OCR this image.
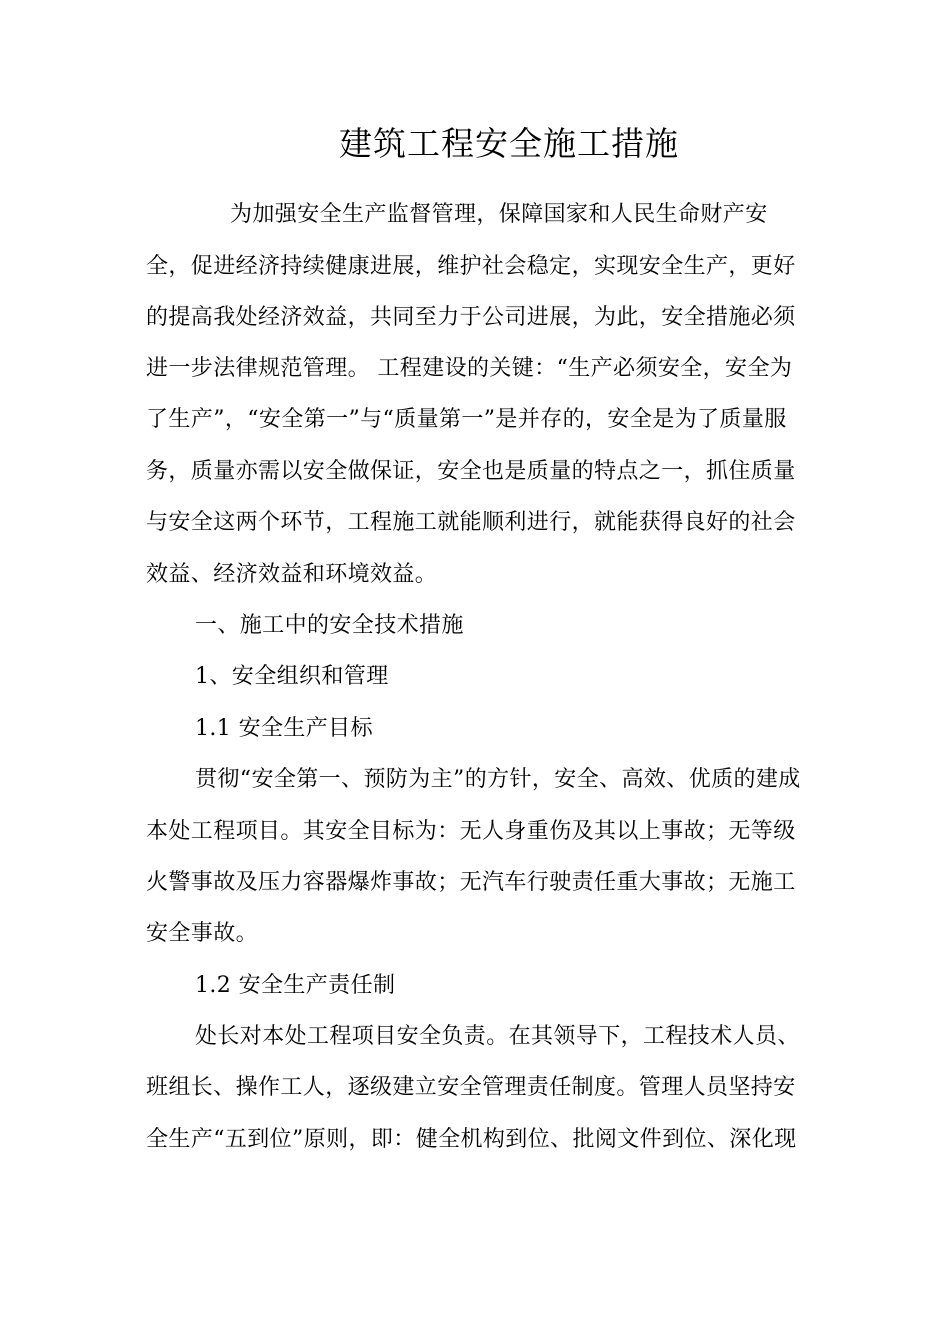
建筑工程安全施工措施
为加强安全生产监督管理，保障国家和人民生命财产安
全，促进经济持续健康进展，维护社会稳定，实现安全生产，更好
的提高我处经济效益，共同至力于公司进展，为此，安全措施必须
进一步法律规范管理。 工程建设的关键：“生产必须安全，安全为
了生产”，“安全第一”与“质量第一”是并存的，安全是为了质量服
务，质量亦需以安全做保证，安全也是质量的特点之一，抓住质量
与安全这两个环节，工程施工就能顺利进行，就能获得良好的社会
效益、经济效益和环境效益。
一、施工中的安全技术措施
1、安全组织和管理
1.1 安全生产目标
贯彻“安全第一、预防为主”的方针，安全、高效、优质的建成
本处工程项目。其安全目标为：无人身重伤及其以上事故；无等级
火警事故及压力容器爆炸事故；无汽车行驶责任重大事故；无施工
安全事故。
1.2 安全生产责任制
处长对本处工程项目安全负责。在其领导下，工程技术人员、
班组长、操作工人，逐级建立安全管理责任制度。管理人员坚持安
全生产“五到位”原则，即：健全机构到位、批阅文件到位、深化现
